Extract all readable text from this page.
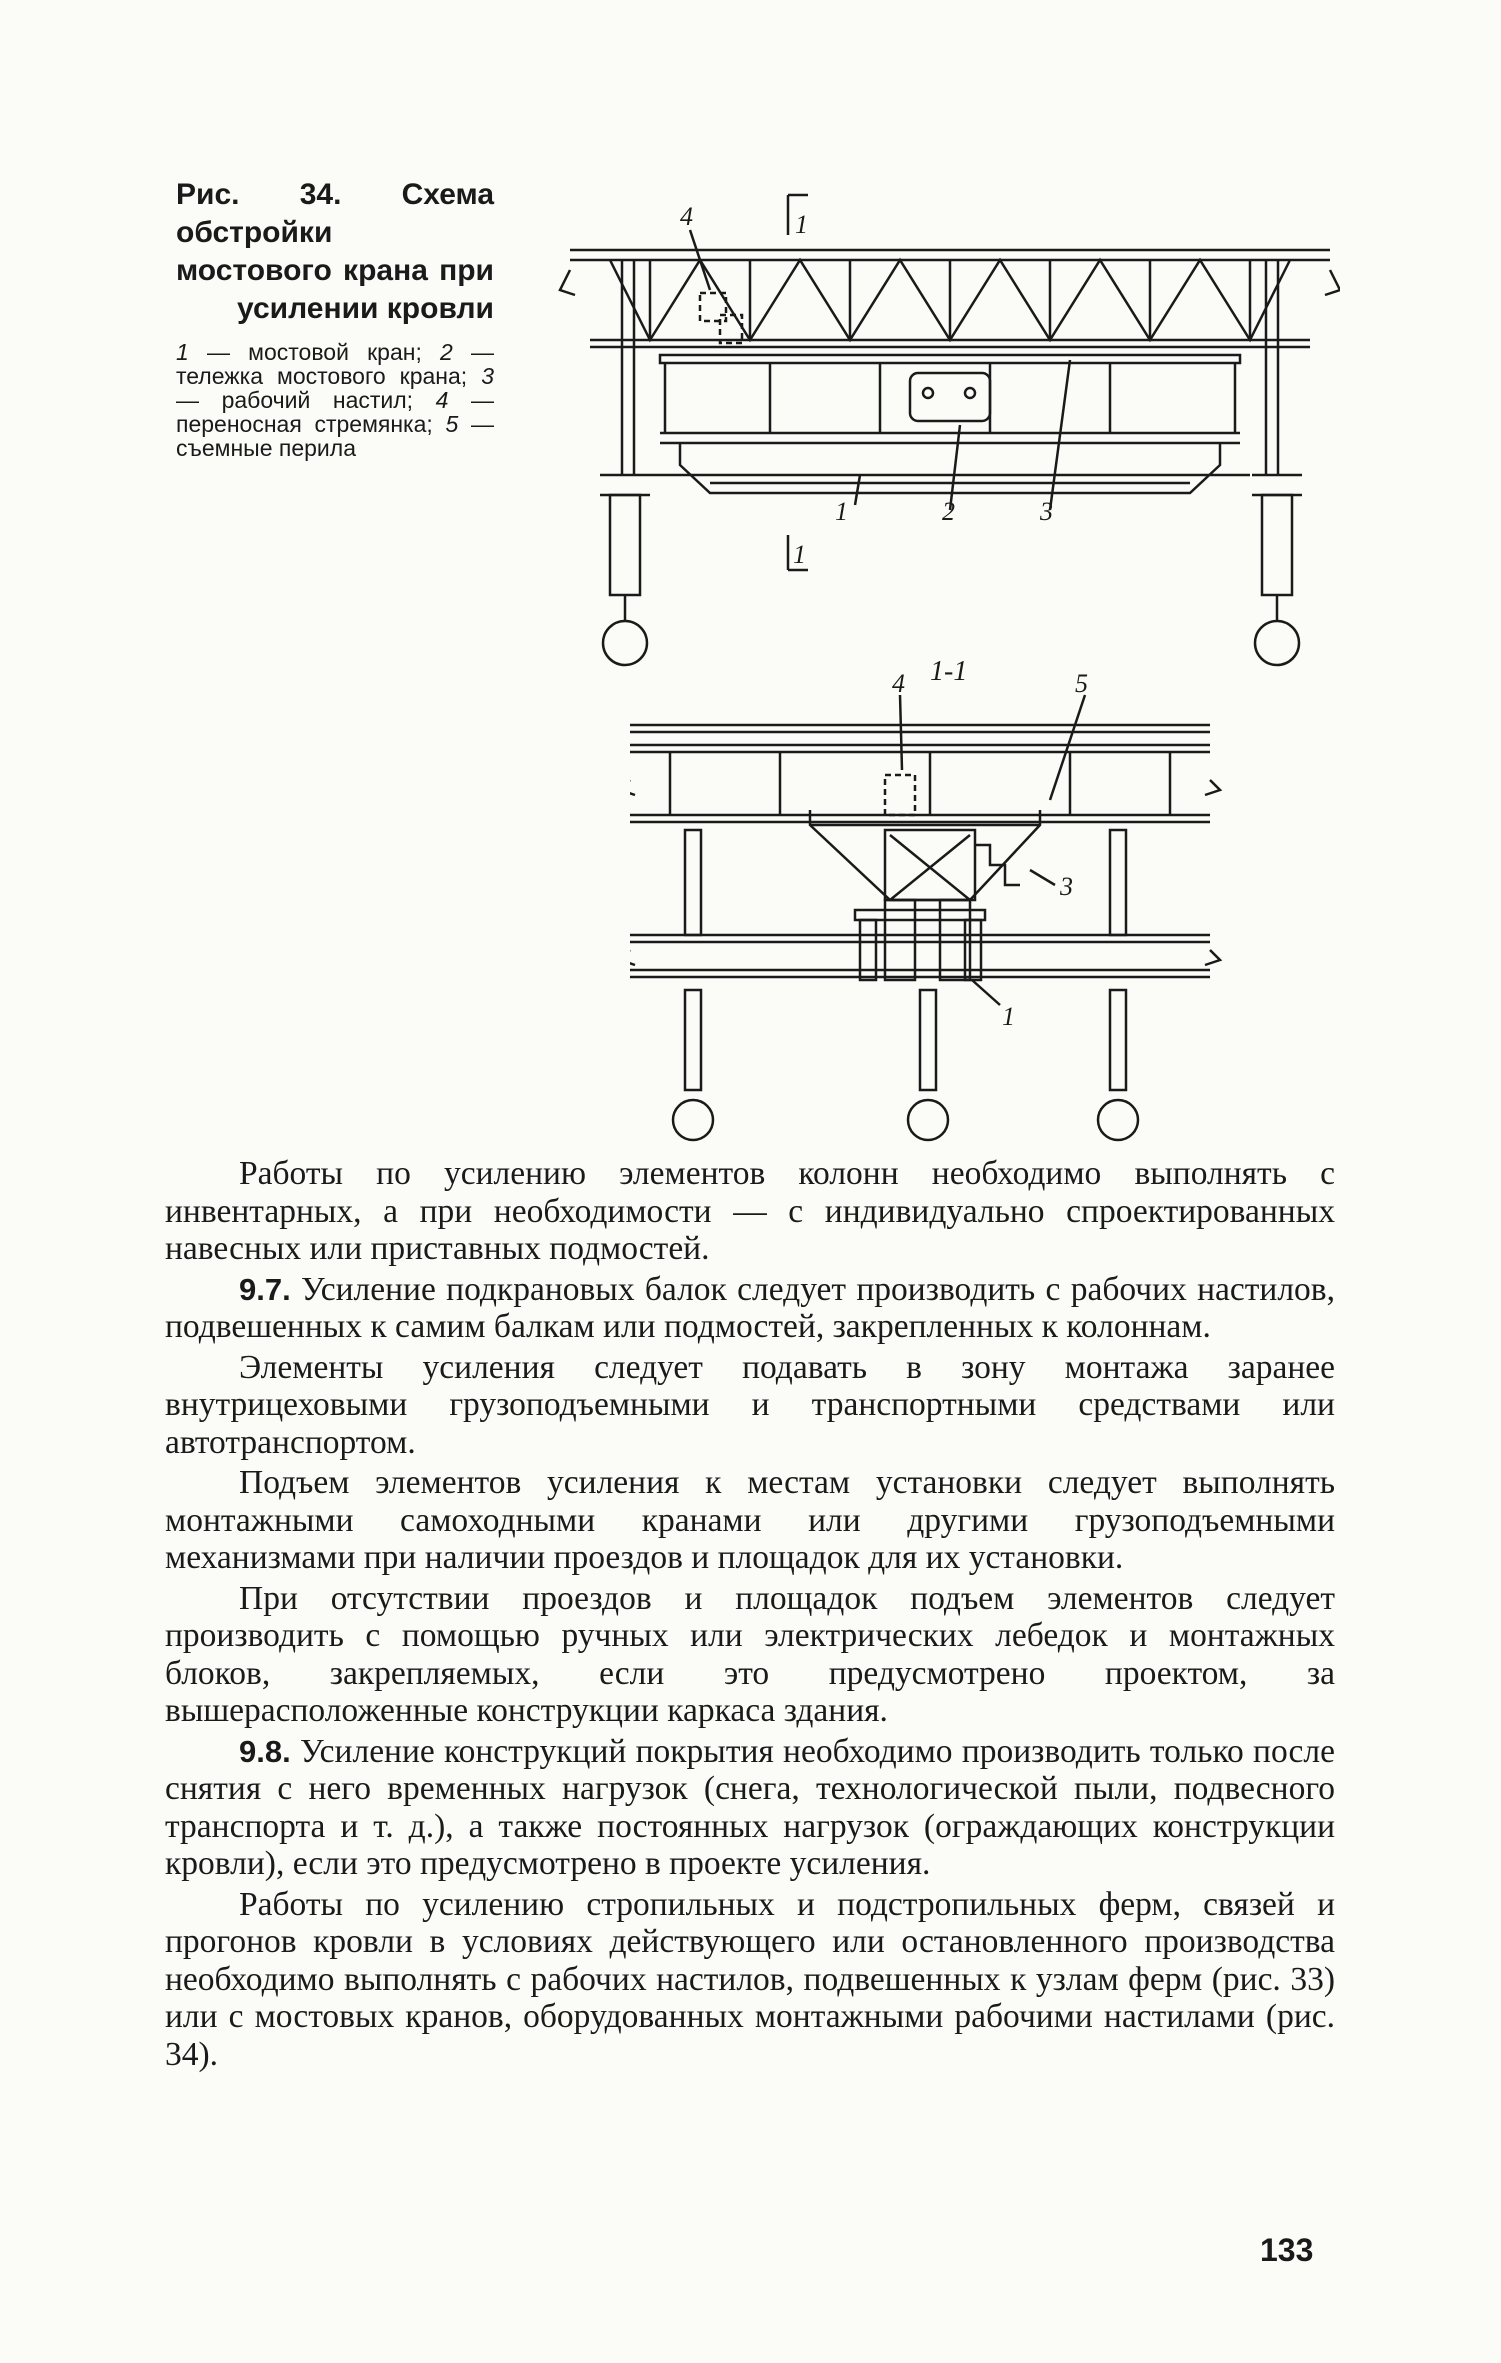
Рис. 34. Схема обстройки мостового крана при усилении кровли

1 — мостовой кран; 2 — тележка мостового крана; 3 — рабочий настил; 4 — переносная стремянка; 5 — съемные перила
4	1
1	2	3
1
1-1
4	5
3
1

Работы по усилению элементов колонн необходимо выполнять с инвентарных, а при необходимости — с индивидуально спроектированных навесных или приставных подмостей.

9.7. Усиление подкрановых балок следует производить с рабочих настилов, подвешенных к самим балкам или подмостей, закрепленных к колоннам.

Элементы усиления следует подавать в зону монтажа заранее внутрицеховыми грузоподъемными и транспортными средствами или автотранспортом.

Подъем элементов усиления к местам установки следует выполнять монтажными самоходными кранами или другими грузоподъемными механизмами при наличии проездов и площадок для их установки.

При отсутствии проездов и площадок подъем элементов следует производить с помощью ручных или электрических лебедок и монтажных блоков, закрепляемых, если это предусмотрено проектом, за вышерасположенные конструкции каркаса здания.

9.8. Усиление конструкций покрытия необходимо производить только после снятия с него временных нагрузок (снега, технологической пыли, подвесного транспорта и т. д.), а также постоянных нагрузок (ограждающих конструкции кровли), если это предусмотрено в проекте усиления.

Работы по усилению стропильных и подстропильных ферм, связей и прогонов кровли в условиях действующего или остановленного производства необходимо выполнять с рабочих настилов, подвешенных к узлам ферм (рис. 33) или с мостовых кранов, оборудованных монтажными рабочими настилами (рис. 34).

133
